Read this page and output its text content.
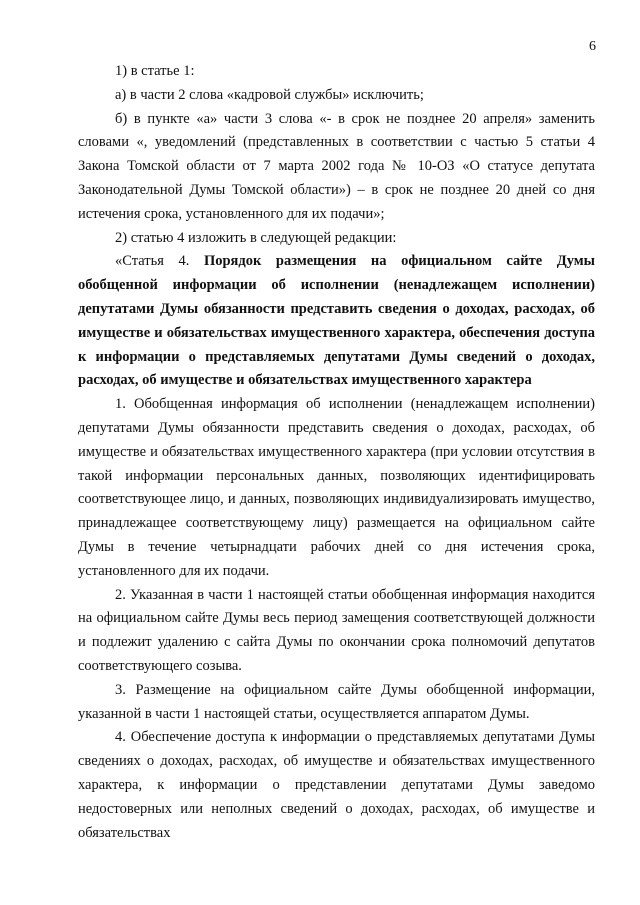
6

1) в статье 1:

а) в части 2 слова «кадровой службы» исключить;

б) в пункте «а» части 3 слова «- в срок не позднее 20 апреля» заменить словами «, уведомлений (представленных в соответствии с частью 5 статьи 4 Закона Томской области от 7 марта 2002 года № 10-ОЗ «О статусе депутата Законодательной Думы Томской области») – в срок не позднее 20 дней со дня истечения срока, установленного для их подачи»;

2) статью 4 изложить в следующей редакции:

«Статья 4. Порядок размещения на официальном сайте Думы обобщенной информации об исполнении (ненадлежащем исполнении) депутатами Думы обязанности представить сведения о доходах, расходах, об имуществе и обязательствах имущественного характера, обеспечения доступа к информации о представляемых депутатами Думы сведений о доходах, расходах, об имуществе и обязательствах имущественного характера

1. Обобщенная информация об исполнении (ненадлежащем исполнении) депутатами Думы обязанности представить сведения о доходах, расходах, об имуществе и обязательствах имущественного характера (при условии отсутствия в такой информации персональных данных, позволяющих идентифицировать соответствующее лицо, и данных, позволяющих индивидуализировать имущество, принадлежащее соответствующему лицу) размещается на официальном сайте Думы в течение четырнадцати рабочих дней со дня истечения срока, установленного для их подачи.

2. Указанная в части 1 настоящей статьи обобщенная информация находится на официальном сайте Думы весь период замещения соответствующей должности и подлежит удалению с сайта Думы по окончании срока полномочий депутатов соответствующего созыва.

3. Размещение на официальном сайте Думы обобщенной информации, указанной в части 1 настоящей статьи, осуществляется аппаратом Думы.

4. Обеспечение доступа к информации о представляемых депутатами Думы сведениях о доходах, расходах, об имуществе и обязательствах имущественного характера, к информации о представлении депутатами Думы заведомо недостоверных или неполных сведений о доходах, расходах, об имуществе и обязательствах
